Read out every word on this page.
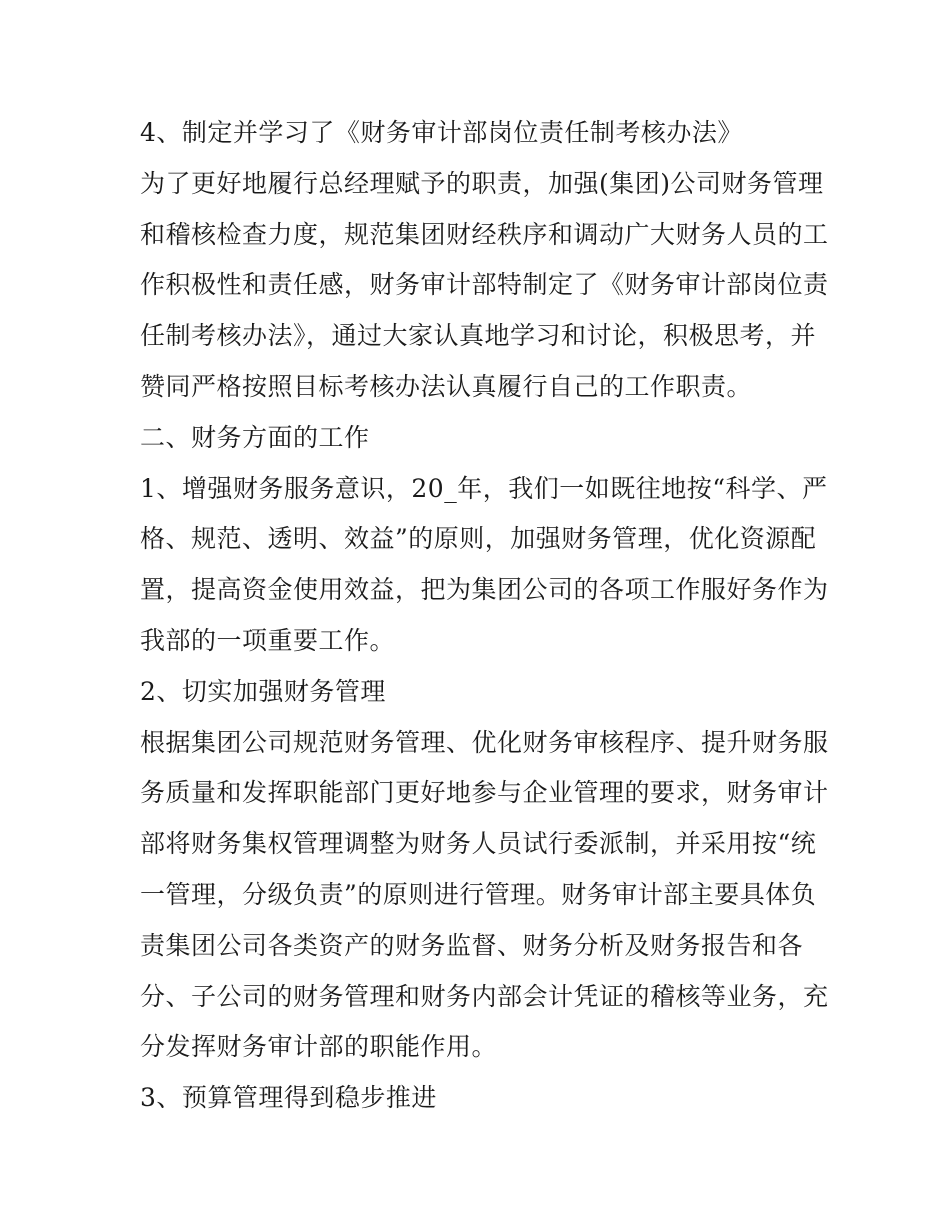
4、制定并学习了《财务审计部岗位责任制考核办法》
为了更好地履行总经理赋予的职责，加强(集团)公司财务管理
和稽核检查力度，规范集团财经秩序和调动广大财务人员的工
作积极性和责任感，财务审计部特制定了《财务审计部岗位责
任制考核办法》，通过大家认真地学习和讨论，积极思考，并
赞同严格按照目标考核办法认真履行自己的工作职责。
二、财务方面的工作
1、增强财务服务意识，20_年，我们一如既往地按“科学、严
格、规范、透明、效益”的原则，加强财务管理，优化资源配
置，提高资金使用效益，把为集团公司的各项工作服好务作为
我部的一项重要工作。
2、切实加强财务管理
根据集团公司规范财务管理、优化财务审核程序、提升财务服
务质量和发挥职能部门更好地参与企业管理的要求，财务审计
部将财务集权管理调整为财务人员试行委派制，并采用按“统
一管理，分级负责”的原则进行管理。财务审计部主要具体负
责集团公司各类资产的财务监督、财务分析及财务报告和各
分、子公司的财务管理和财务内部会计凭证的稽核等业务，充
分发挥财务审计部的职能作用。
3、预算管理得到稳步推进
